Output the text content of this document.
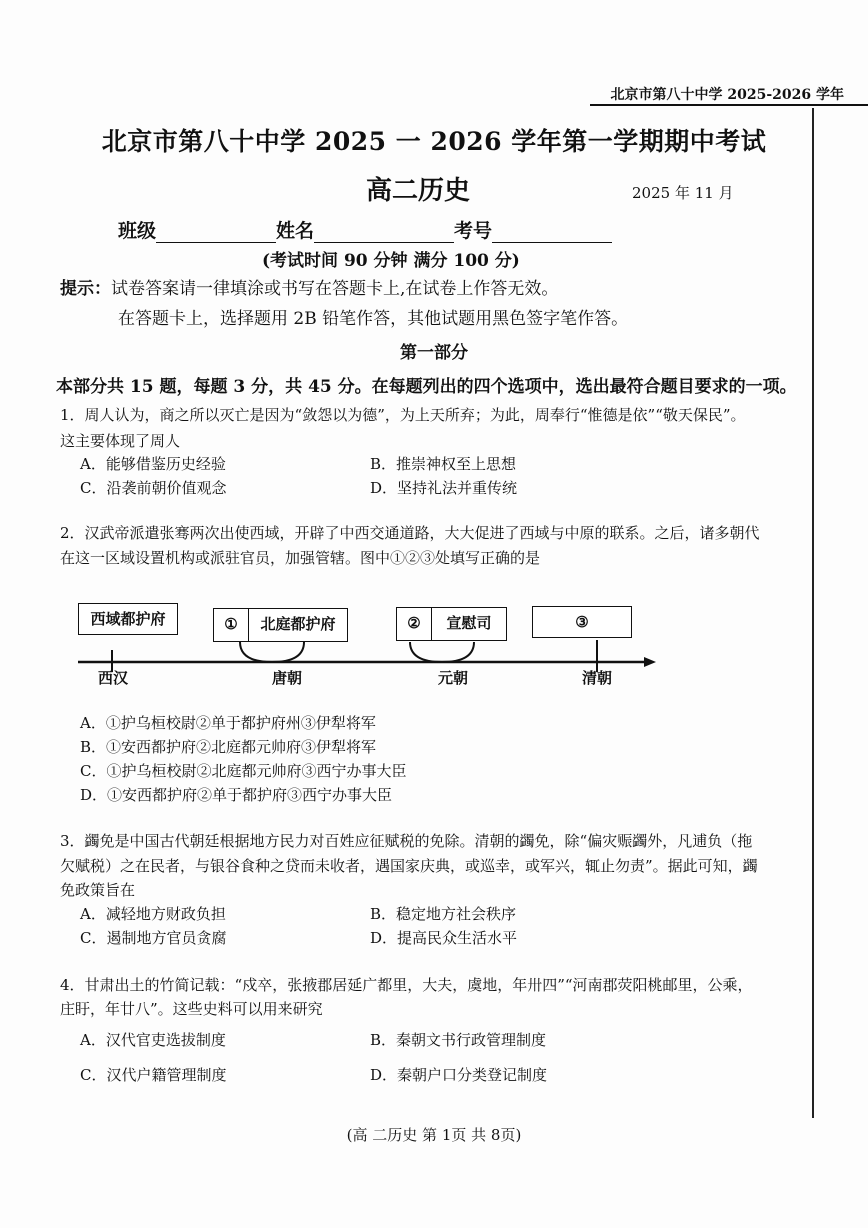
北京市第八十中学 2025-2026 学年
北京市第八十中学 2025 一 2026 学年第一学期期中考试
高二历史	2025 年 11 月
班级	姓名	考号
(考试时间 90 分钟 满分 100 分)
提示：试卷答案请一律填涂或书写在答题卡上,在试卷上作答无效。
在答题卡上，选择题用 2B 铅笔作答，其他试题用黑色签字笔作答。
第一部分
本部分共 15 题，每题 3 分，共 45 分。在每题列出的四个选项中，选出最符合题目要求的一项。
1．周人认为，商之所以灭亡是因为“敛怨以为德”，为上天所弃；为此，周奉行“惟德是依”“敬天保民”。
这主要体现了周人
A．能够借鉴历史经验	B．推崇神权至上思想
C．沿袭前朝价值观念	D．坚持礼法并重传统
2．汉武帝派遣张骞两次出使西域，开辟了中西交通道路，大大促进了西域与中原的联系。之后，诸多朝代
在这一区域设置机构或派驻官员，加强管辖。图中①②③处填写正确的是
西域都护府	①	北庭都护府	②	宣慰司	③
西汉	唐朝	元朝	清朝
A．①护乌桓校尉②单于都护府州③伊犁将军
B．①安西都护府②北庭都元帅府③伊犁将军
C．①护乌桓校尉②北庭都元帅府③西宁办事大臣
D．①安西都护府②单于都护府③西宁办事大臣
3．蠲免是中国古代朝廷根据地方民力对百姓应征赋税的免除。清朝的蠲免，除“偏灾赈蠲外，凡逋负（拖
欠赋税）之在民者，与银谷食种之贷而未收者，遇国家庆典，或巡幸，或军兴，辄止勿责”。据此可知，蠲
免政策旨在
A．减轻地方财政负担	B．稳定地方社会秩序
C．遏制地方官员贪腐	D．提高民众生活水平
4．甘肃出土的竹简记载：“戍卒，张掖郡居延广都里，大夫，虞地，年卅四”“河南郡荧阳桃邮里，公乘，
庄盱，年廿八”。这些史料可以用来研究
A．汉代官吏选拔制度	B．秦朝文书行政管理制度
C．汉代户籍管理制度	D．秦朝户口分类登记制度
(高 二历史 第 1页 共 8页)
